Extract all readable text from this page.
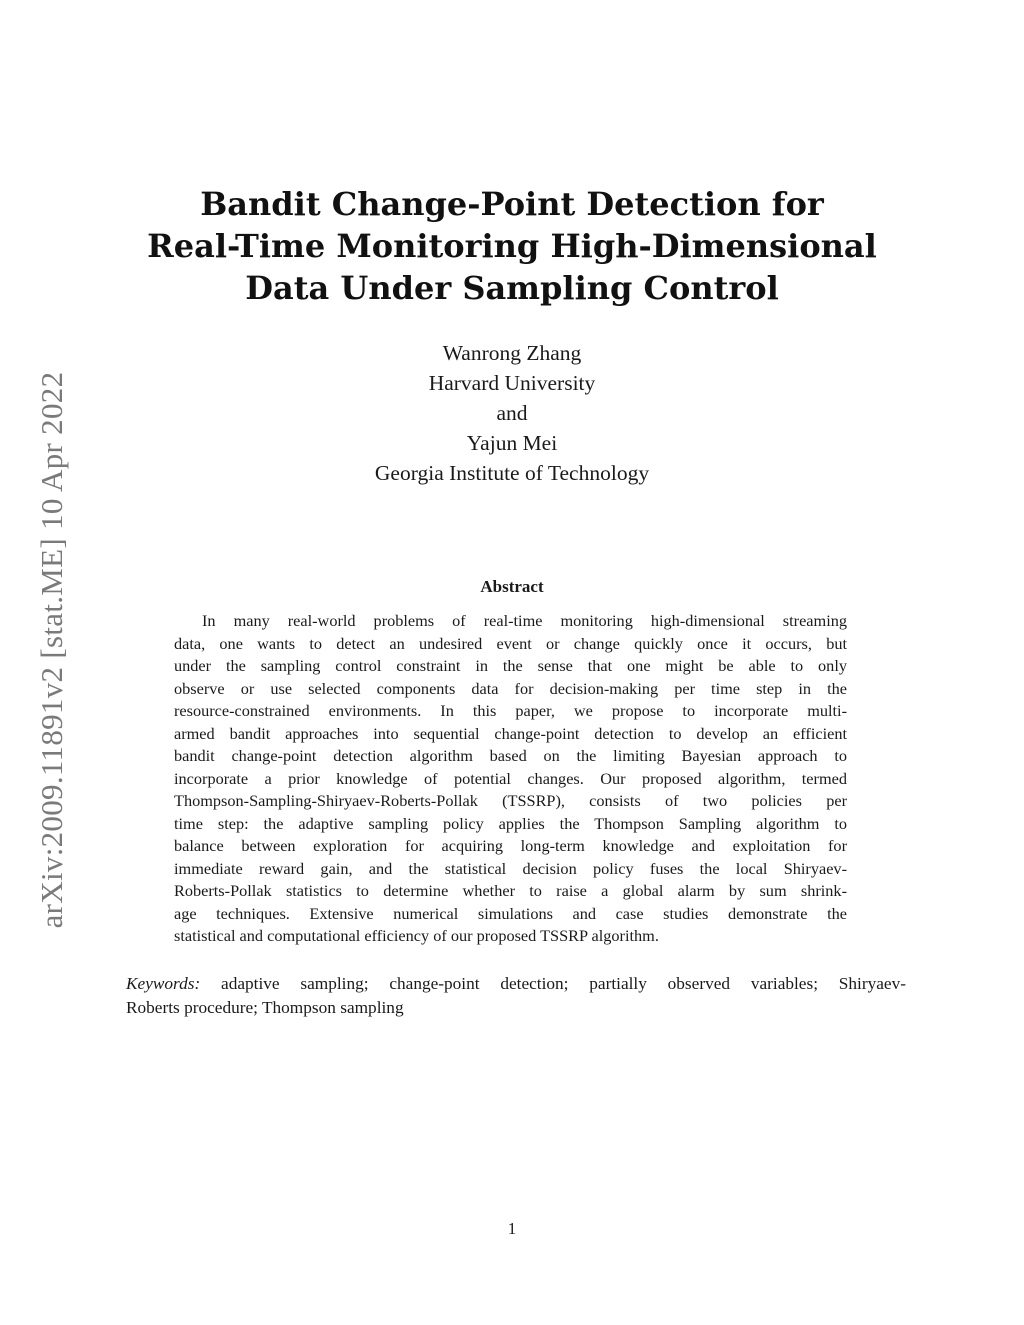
arXiv:2009.11891v2 [stat.ME] 10 Apr 2022
Bandit Change-Point Detection for
Real-Time Monitoring High-Dimensional
Data Under Sampling Control
Wanrong Zhang
Harvard University
and
Yajun Mei
Georgia Institute of Technology
Abstract
In many real-world problems of real-time monitoring high-dimensional streaming
data, one wants to detect an undesired event or change quickly once it occurs, but
under the sampling control constraint in the sense that one might be able to only
observe or use selected components data for decision-making per time step in the
resource-constrained environments. In this paper, we propose to incorporate multi-
armed bandit approaches into sequential change-point detection to develop an efficient
bandit change-point detection algorithm based on the limiting Bayesian approach to
incorporate a prior knowledge of potential changes. Our proposed algorithm, termed
Thompson-Sampling-Shiryaev-Roberts-Pollak (TSSRP), consists of two policies per
time step: the adaptive sampling policy applies the Thompson Sampling algorithm to
balance between exploration for acquiring long-term knowledge and exploitation for
immediate reward gain, and the statistical decision policy fuses the local Shiryaev-
Roberts-Pollak statistics to determine whether to raise a global alarm by sum shrink-
age techniques. Extensive numerical simulations and case studies demonstrate the
statistical and computational efficiency of our proposed TSSRP algorithm.
Keywords: adaptive sampling; change-point detection; partially observed variables; Shiryaev-
Roberts procedure; Thompson sampling
1
